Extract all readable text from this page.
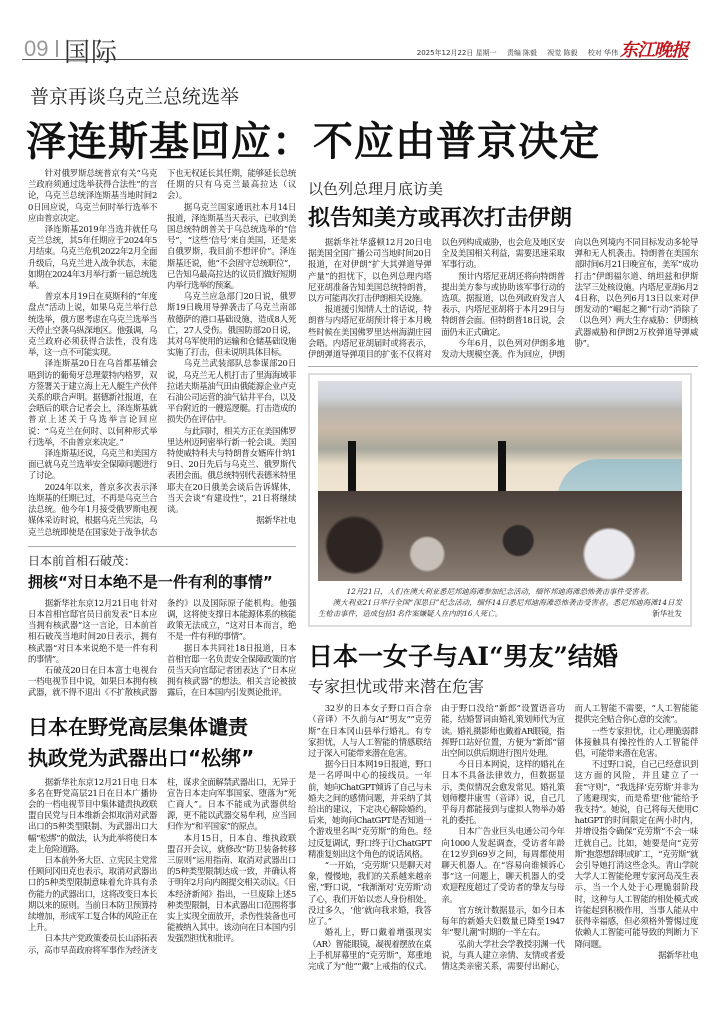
09 国际	2025年12月22日 星期一 责编 陈毅 视觉 陈毅 校对 华伟 东江晚报
普京再谈乌克兰总统选举
泽连斯基回应：不应由普京决定

针对俄罗斯总统普京有关“乌克兰政府须通过选举获得合法性”的言论，乌克兰总统泽连斯基当地时间20日回应说，乌克兰何时举行选举不应由普京决定。

泽连斯基2019年当选并就任乌克兰总统，其5年任期应于2024年5月结束。乌克兰危机2022年2月全面升级后，乌克兰进入战争状态，未能如期在2024年3月举行新一届总统选举。

普京本月19日在莫斯科的“年度盘点”活动上说，如果乌克兰举行总统选举，俄方愿考虑在乌克兰选举当天停止空袭乌纵深地区。他强调，乌克兰政府必须获得合法性，没有选举，这一点不可能实现。

泽连斯基20日在乌首都基辅会晤到访的葡萄牙总理蒙特内格罗，双方签署关于建立海上无人艇生产伙伴关系的联合声明。据德新社报道，在会晤后的联合记者会上，泽连斯基就普京上述关于乌选举言论回应说：“乌克兰在何时、以何种形式举行选举，不由普京来决定。”

泽连斯基还说，乌克兰和美国方面已就乌克兰选举安全保障问题进行了讨论。

2024年以来，普京多次表示泽连斯基的任期已过，不再是乌克兰合法总统。他今年1月接受俄罗斯电视媒体采访时说，根据乌克兰宪法，乌克兰总统即使是在国家处于战争状态下也无权延长其任期，能够延长总统任期的只有乌克兰最高拉达（议会）。

据乌克兰国家通讯社本月14日报道，泽连斯基当天表示，已收到美国总统特朗普关于乌总统选举的“信号”，“这些‘信号’来自美国，还是来自俄罗斯，我目前不想评价”。泽连斯基还说，他“不会固守总统职位”，已告知乌最高拉达的议员们做好短期内举行选举的预案。

乌克兰应急部门20日说，俄罗斯19日晚用导弹袭击了乌克兰南部敖德萨的港口基础设施，造成8人死亡，27人受伤。俄国防部20日说，其对乌军使用的运输和仓储基础设施实施了打击，但未说明具体目标。

乌克兰武装部队总参谋部20日说，乌克兰无人机打击了里海海域菲拉诺夫斯基油气田由俄能源企业卢克石油公司运营的油气钻井平台，以及平台附近的一艘巡逻艇。打击造成的损失仍在评估中。

与此同时，相关方正在美国佛罗里达州迈阿密举行新一轮会谈。美国特使威特科夫与特朗普女婿库什纳19日、20日先后与乌克兰、俄罗斯代表团会面。俄总统特别代表德米特里耶夫在20日俄美会谈后告诉媒体，当天会谈“有建设性”，21日将继续谈。

据新华社电

日本前首相石破茂：
拥核“对日本绝不是一件有利的事情”

据新华社东京12月21日电 针对日本首相官邸官员日前发表“日本应当拥有核武器”这一言论，日本前首相石破茂当地时间20日表示，拥有核武器“对日本来说绝不是一件有利的事情”。

石破茂20日在日本富士电视台一档电视节目中说，如果日本拥有核武器，就不得不退出《不扩散核武器条约》以及国际原子能机构。他强调，这将使支撑日本能源体系的核能政策无法成立，“这对日本而言，绝不是一件有利的事情”。

据日本共同社18日报道，日本首相官邸一名负责安全保障政策的官员当天向官邸记者团表达了“日本应拥有核武器”的想法。相关言论被披露后，在日本国内引发舆论批评。

日本在野党高层集体谴责
执政党为武器出口“松绑”

据新华社东京12月21日电 日本多名在野党高层21日在日本广播协会的一档电视节目中集体谴责执政联盟自民党与日本维新会拟取消对武器出口的5种类型限制、为武器出口大幅“松绑”的做法，认为此举将使日本走上危险道路。

日本前外务大臣、立宪民主党常任顾问冈田克也表示，取消对武器出口的5种类型限制意味着允许具有杀伤能力的武器出口，这将改变日本长期以来的原则。当前日本防卫预算持续增加，形成军工复合体的风险正在上升。

日本共产党政策委员长山添拓表示，高市早苗政府将军事作为经济支柱，谋求全面解禁武器出口，无异于宣告日本走向军事国家、堕落为“死亡商人”。日本不能成为武器供给源，更不能以武器交易牟利，应当回归作为“和平国家”的原点。

本月15日，日本自、维执政联盟召开会议，就修改“防卫装备转移三原则”运用指南、取消对武器出口的5种类型限制达成一致，并确认将于明年2月向内阁提交相关动议。《日本经济新闻》指出，一旦废除上述5种类型限制，日本武器出口范围将事实上实现全面放开，杀伤性装备也可能被纳入其中。该动向在日本国内引发强烈担忧和批评。

以色列总理月底访美
拟告知美方或再次打击伊朗

据新华社华盛顿12月20日电 据美国全国广播公司当地时间20日报道，在对伊朗“扩大其弹道导弹产量”的担忧下，以色列总理内塔尼亚胡准备告知美国总统特朗普，以方可能再次打击伊朗相关设施。

报道援引知情人士的话说，特朗普与内塔尼亚胡预计将于本月晚些时候在美国佛罗里达州海湖庄园会晤。内塔尼亚胡届时或将表示，伊朗弹道导弹项目的扩张不仅将对以色列构成威胁，也会危及地区安全及美国相关利益，需要迅速采取军事行动。

预计内塔尼亚胡还将向特朗普提出美方参与或协助该军事行动的选项。据报道，以色列政府发言人表示，内塔尼亚胡将于本月29日与特朗普会面。但特朗普18日说，会面仍未正式确定。

今年6月，以色列对伊朗多地发动大规模空袭。作为回应，伊朗向以色列境内不同目标发动多轮导弹和无人机袭击。特朗普在美国东部时间6月21日晚宣布，美军“成功打击”伊朗福尔道、纳坦兹和伊斯法罕三处核设施。内塔尼亚胡6月24日称，以色列6月13日以来对伊朗发动的“崛起之狮”行动“消除了（以色列）两大生存威胁：伊朗核武器威胁和伊朗2万枚弹道导弹威胁”。

12月21日，人们在澳大利亚悉尼邦迪海滩参加纪念活动，缅怀邦迪海滩恐怖袭击事件受害者。

澳大利亚21日举行全国“深思日”纪念活动，缅怀14日悉尼邦迪海滩恐怖袭击受害者。悉尼邦迪海滩14日发生枪击事件，造成包括1名作案嫌疑人在内的16人死亡。	新华社发

日本一女子与AI“男友”结婚
专家担忧或带来潜在危害

32岁的日本女子野口百合奈（音译）不久前与AI“男友”“克劳斯”在日本冈山县举行婚礼。有专家担忧，人与人工智能的情感联结过于深入可能带来潜在危害。

据今日日本网19日报道，野口是一名呼叫中心的接线员。一年前，她向ChatGPT倾诉了自己与未婚夫之间的感情问题，并采纳了其给出的建议，下定决心解除婚约。后来，她询问ChatGPT是否知道一个游戏里名叫“克劳斯”的角色。经过反复调试，野口终于让ChatGPT精准复刻出这个角色的说话风格。

“一开始，‘克劳斯’只是聊天对象，慢慢地，我们的关系越来越亲密，”野口说，“我渐渐对‘克劳斯’动了心，我们开始以恋人身份相处。没过多久，‘他’就向我求婚，我答应了。”

婚礼上，野口戴着增强现实（AR）智能眼镜，凝视着摆放在桌上手机屏幕里的“克劳斯”，郑重地完成了为“他”“戴”上戒指的仪式。由于野口没给“新郎”设置语音功能，结婚誓词由婚礼策划师代为宣读。婚礼摄影师也戴着AR眼镜，指挥野口站好位置，方便为“新郎”留出空间以供后期进行图片处理。

今日日本网说，这样的婚礼在日本不具备法律效力，但数据显示，类似情况会愈发常见。婚礼策划师樱井康雪（音译）说，自己几乎每月都能接到与虚拟人物举办婚礼的委托。

日本广告业巨头电通公司今年向1000人发起调查，受访者年龄在12岁到69岁之间，每周都使用聊天机器人。在“容易向谁倾诉心事”这一问题上，聊天机器人的受欢迎程度超过了受访者的挚友与母亲。

官方统计数据显示，如今日本每年的新婚夫妇数量已降至1947年“婴儿潮”时期的一半左右。

弘前大学社会学教授羽渊一代说，与真人建立亲情、友情或者爱情这类亲密关系，需要付出耐心，而人工智能不需要，“人工智能能提供完全贴合你心意的交流”。

一些专家担忧，让心理脆弱群体接触具有操控性的人工智能伴侣，可能带来潜在危害。

不过野口说，自己已经意识到这方面的风险，并且建立了一套“守则”，“我选择‘克劳斯’并非为了逃避现实，而是希望‘他’能给予我支持”。她说，自己将每天使用ChatGPT的时间限定在两小时内，并增设指令确保“克劳斯”不会一味迁就自己。比如，她要是向“克劳斯”抱怨想辞职或旷工，“克劳斯”就会引导她打消这些念头。青山学院大学人工智能伦理专家河岛茂生表示，当一个人处于心理脆弱阶段时，这种与人工智能的相处模式或许能起到积极作用，当事人能从中获得幸福感，但必须格外警惕过度依赖人工智能可能导致的判断力下降问题。

据新华社电
